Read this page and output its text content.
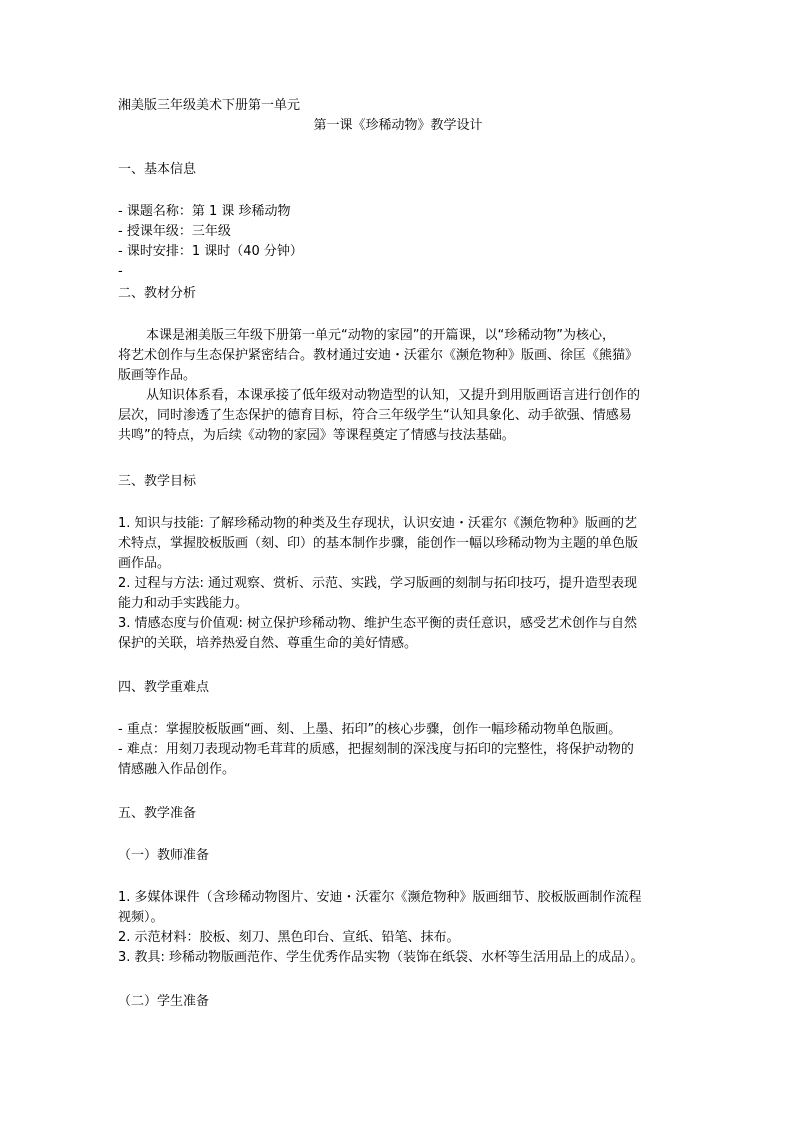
湘美版三年级美术下册第一单元
第一课《珍稀动物》教学设计
一、基本信息
- 课题名称：第 1 课 珍稀动物
- 授课年级：三年级
- 课时安排：1 课时（40 分钟）
-
二、教材分析
本课是湘美版三年级下册第一单元“动物的家园”的开篇课，以“珍稀动物”为核心，
将艺术创作与生态保护紧密结合。教材通过安迪・沃霍尔《濒危物种》版画、徐匡《熊猫》
版画等作品。
从知识体系看，本课承接了低年级对动物造型的认知，又提升到用版画语言进行创作的
层次，同时渗透了生态保护的德育目标，符合三年级学生“认知具象化、动手欲强、情感易
共鸣”的特点，为后续《动物的家园》等课程奠定了情感与技法基础。
三、教学目标
1. 知识与技能: 了解珍稀动物的种类及生存现状，认识安迪・沃霍尔《濒危物种》版画的艺
术特点，掌握胶板版画（刻、印）的基本制作步骤，能创作一幅以珍稀动物为主题的单色版
画作品。
2. 过程与方法: 通过观察、赏析、示范、实践，学习版画的刻制与拓印技巧，提升造型表现
能力和动手实践能力。
3. 情感态度与价值观: 树立保护珍稀动物、维护生态平衡的责任意识，感受艺术创作与自然
保护的关联，培养热爱自然、尊重生命的美好情感。
四、教学重难点
- 重点：掌握胶板版画“画、刻、上墨、拓印”的核心步骤，创作一幅珍稀动物单色版画。
- 难点：用刻刀表现动物毛茸茸的质感，把握刻制的深浅度与拓印的完整性，将保护动物的
情感融入作品创作。
五、教学准备
（一）教师准备
1. 多媒体课件（含珍稀动物图片、安迪・沃霍尔《濒危物种》版画细节、胶板版画制作流程
视频）。
2. 示范材料：胶板、刻刀、黑色印台、宣纸、铅笔、抹布。
3. 教具: 珍稀动物版画范作、学生优秀作品实物（装饰在纸袋、水杯等生活用品上的成品）。
（二）学生准备
